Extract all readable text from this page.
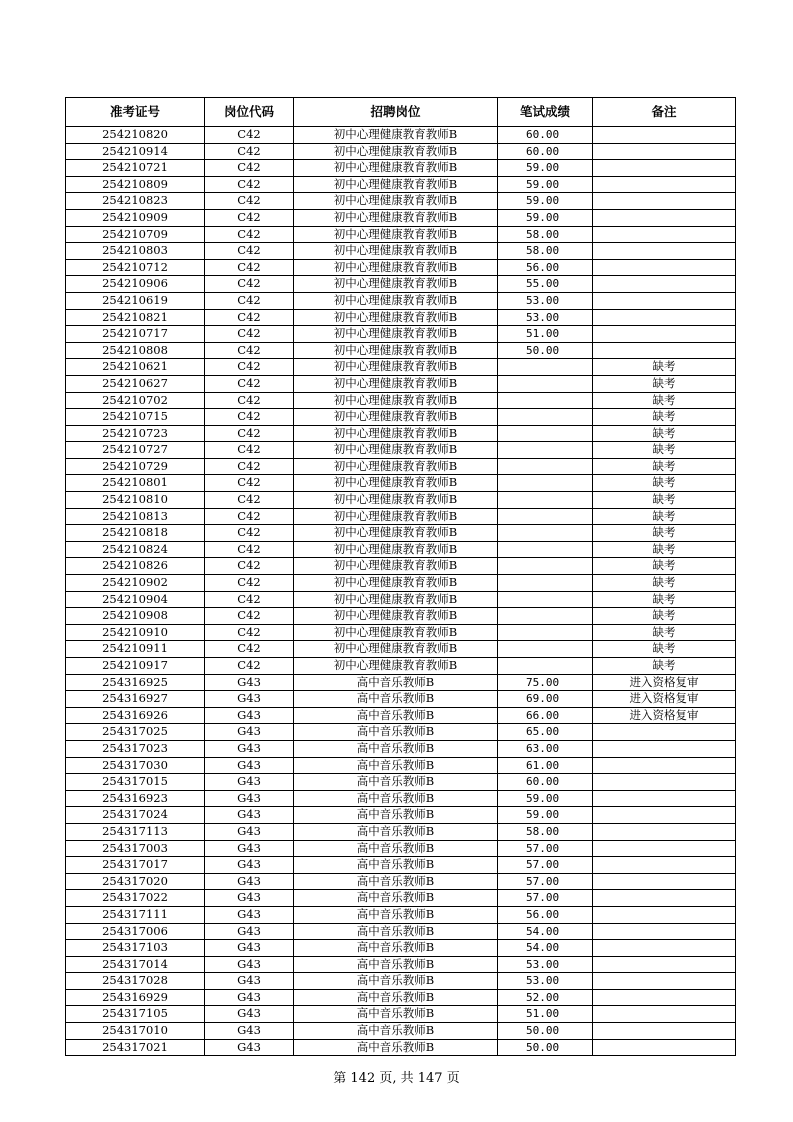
准考证号	岗位代码	招聘岗位	笔试成绩	备注
254210820	C42	初中心理健康教育教师B	60.00	
254210914	C42	初中心理健康教育教师B	60.00	
254210721	C42	初中心理健康教育教师B	59.00	
254210809	C42	初中心理健康教育教师B	59.00	
254210823	C42	初中心理健康教育教师B	59.00	
254210909	C42	初中心理健康教育教师B	59.00	
254210709	C42	初中心理健康教育教师B	58.00	
254210803	C42	初中心理健康教育教师B	58.00	
254210712	C42	初中心理健康教育教师B	56.00	
254210906	C42	初中心理健康教育教师B	55.00	
254210619	C42	初中心理健康教育教师B	53.00	
254210821	C42	初中心理健康教育教师B	53.00	
254210717	C42	初中心理健康教育教师B	51.00	
254210808	C42	初中心理健康教育教师B	50.00	
254210621	C42	初中心理健康教育教师B		缺考
254210627	C42	初中心理健康教育教师B		缺考
254210702	C42	初中心理健康教育教师B		缺考
254210715	C42	初中心理健康教育教师B		缺考
254210723	C42	初中心理健康教育教师B		缺考
254210727	C42	初中心理健康教育教师B		缺考
254210729	C42	初中心理健康教育教师B		缺考
254210801	C42	初中心理健康教育教师B		缺考
254210810	C42	初中心理健康教育教师B		缺考
254210813	C42	初中心理健康教育教师B		缺考
254210818	C42	初中心理健康教育教师B		缺考
254210824	C42	初中心理健康教育教师B		缺考
254210826	C42	初中心理健康教育教师B		缺考
254210902	C42	初中心理健康教育教师B		缺考
254210904	C42	初中心理健康教育教师B		缺考
254210908	C42	初中心理健康教育教师B		缺考
254210910	C42	初中心理健康教育教师B		缺考
254210911	C42	初中心理健康教育教师B		缺考
254210917	C42	初中心理健康教育教师B		缺考
254316925	G43	高中音乐教师B	75.00	进入资格复审
254316927	G43	高中音乐教师B	69.00	进入资格复审
254316926	G43	高中音乐教师B	66.00	进入资格复审
254317025	G43	高中音乐教师B	65.00	
254317023	G43	高中音乐教师B	63.00	
254317030	G43	高中音乐教师B	61.00	
254317015	G43	高中音乐教师B	60.00	
254316923	G43	高中音乐教师B	59.00	
254317024	G43	高中音乐教师B	59.00	
254317113	G43	高中音乐教师B	58.00	
254317003	G43	高中音乐教师B	57.00	
254317017	G43	高中音乐教师B	57.00	
254317020	G43	高中音乐教师B	57.00	
254317022	G43	高中音乐教师B	57.00	
254317111	G43	高中音乐教师B	56.00	
254317006	G43	高中音乐教师B	54.00	
254317103	G43	高中音乐教师B	54.00	
254317014	G43	高中音乐教师B	53.00	
254317028	G43	高中音乐教师B	53.00	
254316929	G43	高中音乐教师B	52.00	
254317105	G43	高中音乐教师B	51.00	
254317010	G43	高中音乐教师B	50.00	
254317021	G43	高中音乐教师B	50.00	
第 142 页, 共 147 页
